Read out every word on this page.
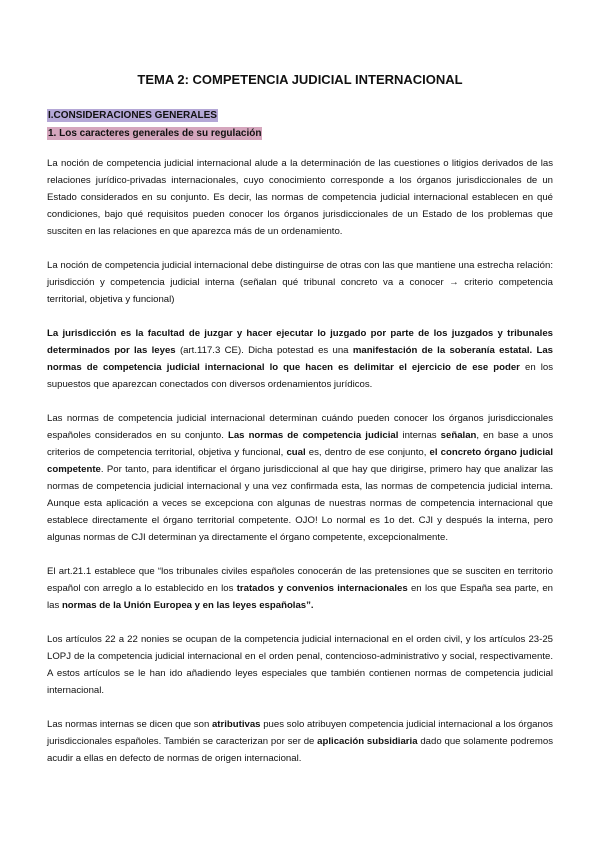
TEMA 2: COMPETENCIA JUDICIAL INTERNACIONAL
I.CONSIDERACIONES GENERALES
1. Los caracteres generales de su regulación

La noción de competencia judicial internacional alude a la determinación de las cuestiones o litigios derivados de las relaciones jurídico-privadas internacionales, cuyo conocimiento corresponde a los órganos jurisdiccionales de un Estado considerados en su conjunto. Es decir, las normas de competencia judicial internacional establecen en qué condiciones, bajo qué requisitos pueden conocer los órganos jurisdiccionales de un Estado de los problemas que susciten en las relaciones en que aparezca más de un ordenamiento.

La noción de competencia judicial internacional debe distinguirse de otras con las que mantiene una estrecha relación: jurisdicción y competencia judicial interna (señalan qué tribunal concreto va a conocer → criterio competencia territorial, objetiva y funcional)

La jurisdicción es la facultad de juzgar y hacer ejecutar lo juzgado por parte de los juzgados y tribunales determinados por las leyes (art.117.3 CE). Dicha potestad es una manifestación de la soberanía estatal. Las normas de competencia judicial internacional lo que hacen es delimitar el ejercicio de ese poder en los supuestos que aparezcan conectados con diversos ordenamientos jurídicos.

Las normas de competencia judicial internacional determinan cuándo pueden conocer los órganos jurisdiccionales españoles considerados en su conjunto. Las normas de competencia judicial internas señalan, en base a unos criterios de competencia territorial, objetiva y funcional, cual es, dentro de ese conjunto, el concreto órgano judicial competente. Por tanto, para identificar el órgano jurisdiccional al que hay que dirigirse, primero hay que analizar las normas de competencia judicial internacional y una vez confirmada esta, las normas de competencia judicial interna. Aunque esta aplicación a veces se excepciona con algunas de nuestras normas de competencia internacional que establece directamente el órgano territorial competente. OJO! Lo normal es 1o det. CJI y después la interna, pero algunas normas de CJI determinan ya directamente el órgano competente, excepcionalmente.

El art.21.1 establece que “los tribunales civiles españoles conocerán de las pretensiones que se susciten en territorio español con arreglo a lo establecido en los tratados y convenios internacionales en los que España sea parte, en las normas de la Unión Europea y en las leyes españolas”.

Los artículos 22 a 22 nonies se ocupan de la competencia judicial internacional en el orden civil, y los artículos 23-25 LOPJ de la competencia judicial internacional en el orden penal, contencioso-administrativo y social, respectivamente. A estos artículos se le han ido añadiendo leyes especiales que también contienen normas de competencia judicial internacional.

Las normas internas se dicen que son atributivas pues solo atribuyen competencia judicial internacional a los órganos jurisdiccionales españoles. También se caracterizan por ser de aplicación subsidiaria dado que solamente podremos acudir a ellas en defecto de normas de origen internacional.
